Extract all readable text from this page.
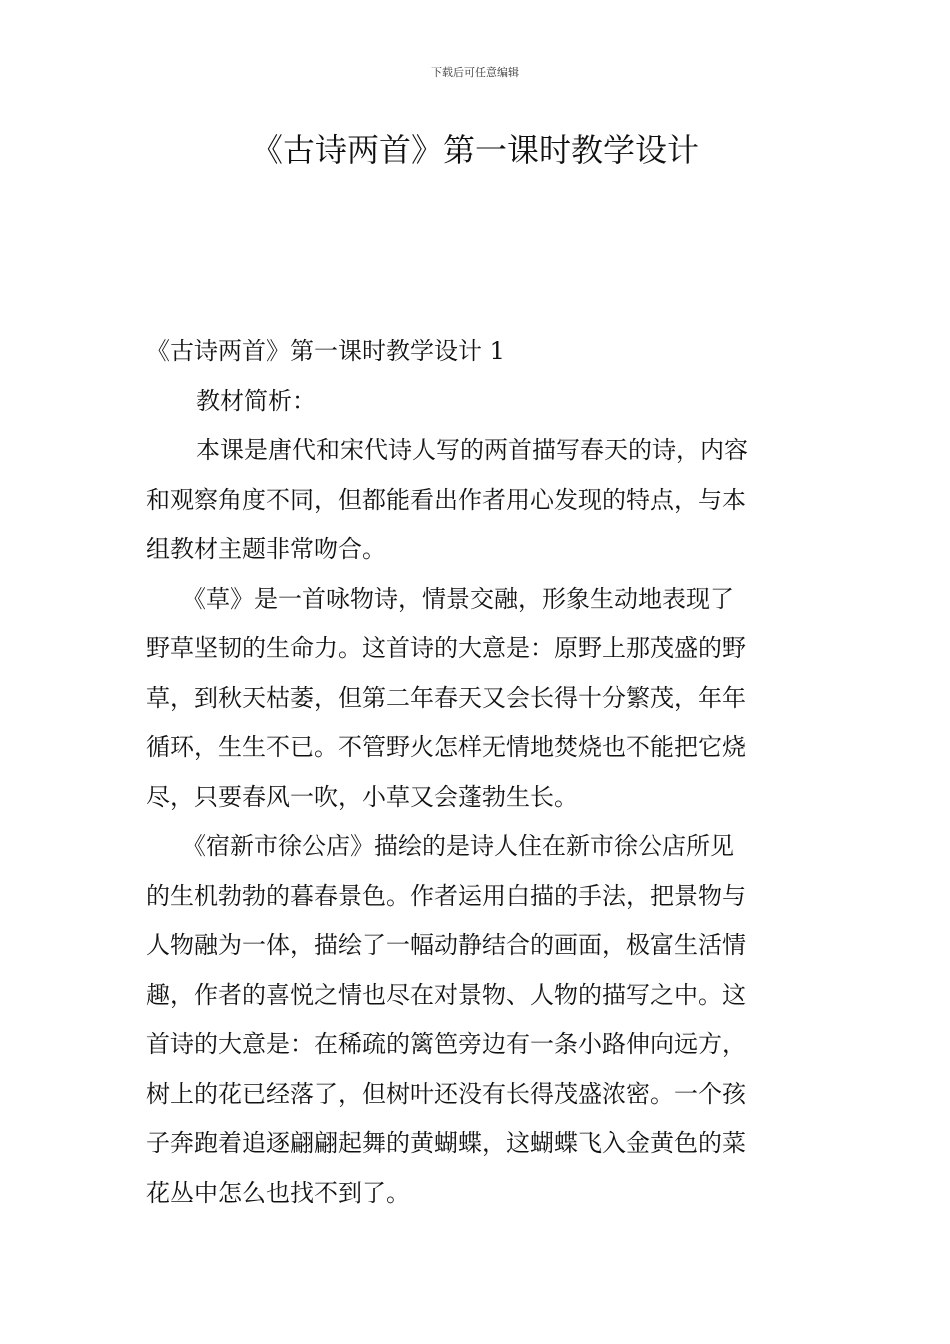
下载后可任意编辑
《古诗两首》第一课时教学设计
《古诗两首》第一课时教学设计 1
教材简析：
本课是唐代和宋代诗人写的两首描写春天的诗，内容
和观察角度不同，但都能看出作者用心发现的特点，与本
组教材主题非常吻合。
《草》是一首咏物诗，情景交融，形象生动地表现了
野草坚韧的生命力。这首诗的大意是：原野上那茂盛的野
草，到秋天枯萎，但第二年春天又会长得十分繁茂，年年
循环，生生不已。不管野火怎样无情地焚烧也不能把它烧
尽，只要春风一吹，小草又会蓬勃生长。
《宿新市徐公店》描绘的是诗人住在新市徐公店所见
的生机勃勃的暮春景色。作者运用白描的手法，把景物与
人物融为一体，描绘了一幅动静结合的画面，极富生活情
趣，作者的喜悦之情也尽在对景物、人物的描写之中。这
首诗的大意是：在稀疏的篱笆旁边有一条小路伸向远方，
树上的花已经落了，但树叶还没有长得茂盛浓密。一个孩
子奔跑着追逐翩翩起舞的黄蝴蝶，这蝴蝶飞入金黄色的菜
花丛中怎么也找不到了。
